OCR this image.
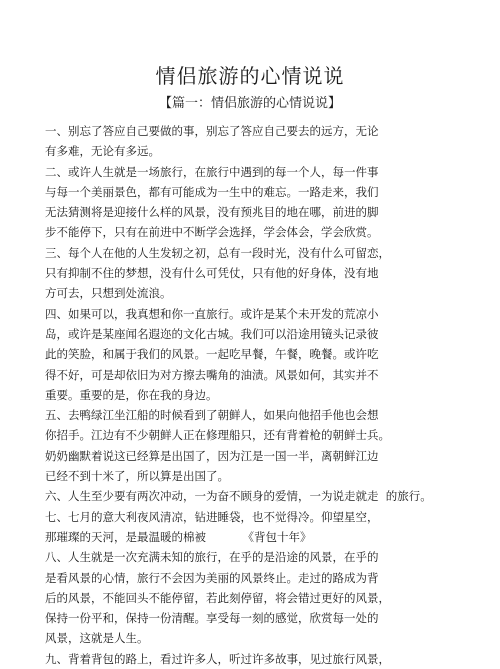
情侣旅游的心情说说
【篇一：情侣旅游的心情说说】
一、别忘了答应自己要做的事，别忘了答应自己要去的远方，无论
有多难，无论有多远。
二、或许人生就是一场旅行，在旅行中遇到的每一个人，每一件事
与每一个美丽景色，都有可能成为一生中的难忘。一路走来，我们
无法猜测将是迎接什么样的风景，没有预兆目的地在哪，前进的脚
步不能停下，只有在前进中不断学会选择，学会体会，学会欣赏。
三、每个人在他的人生发轫之初，总有一段时光，没有什么可留恋，
只有抑制不住的梦想，没有什么可凭仗，只有他的好身体，没有地
方可去，只想到处流浪。
四、如果可以，我真想和你一直旅行。或许是某个未开发的荒凉小
岛，或许是某座闻名遐迩的文化古城。我们可以沿途用镜头记录彼
此的笑脸，和属于我们的风景。一起吃早餐，午餐，晚餐。或许吃
得不好，可是却依旧为对方擦去嘴角的油渍。风景如何，其实并不
重要。重要的是，你在我的身边。
五、去鸭绿江坐江船的时候看到了朝鲜人，如果向他招手他也会想
你招手。江边有不少朝鲜人正在修理船只，还有背着枪的朝鲜士兵。
奶奶幽默着说这已经算是出国了，因为江是一国一半，离朝鲜江边
已经不到十米了，所以算是出国了。
六、人生至少要有两次冲动，一为奋不顾身的爱情，一为说走就走  的旅行。
七、七月的意大利夜风清凉，钻进睡袋，也不觉得冷。仰望星空，
那璀璨的天河，是最温暖的棉被          《背包十年》
八、人生就是一次充满未知的旅行，在乎的是沿途的风景，在乎的
是看风景的心情，旅行不会因为美丽的风景终止。走过的路成为背
后的风景，不能回头不能停留，若此刻停留，将会错过更好的风景，
保持一份平和，保持一份清醒。享受每一刻的感觉，欣赏每一处的
风景，这就是人生。
九、背着背包的路上，看过许多人，听过许多故事，见过旅行风景，
